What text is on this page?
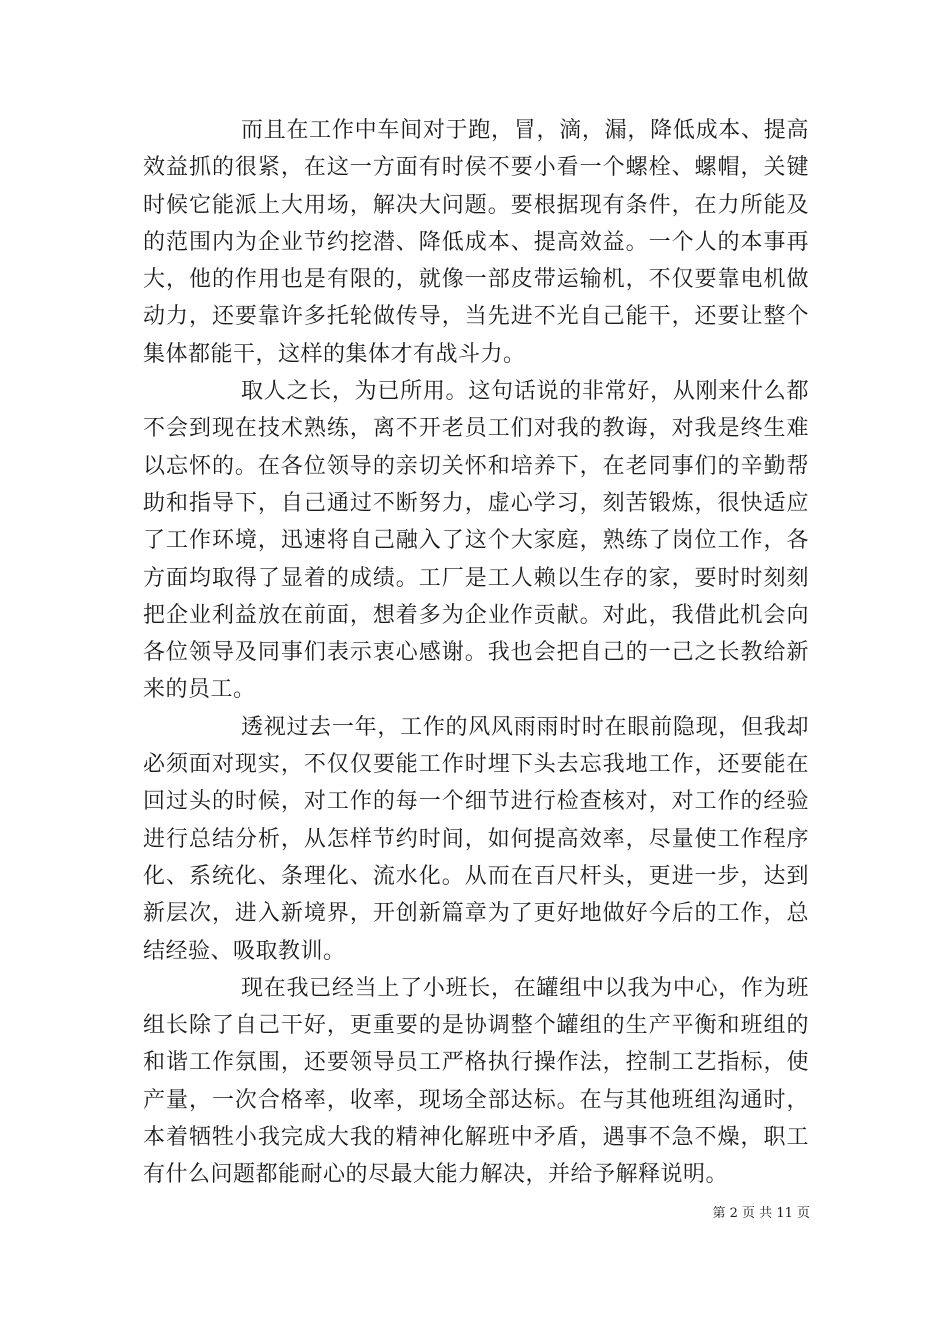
而且在工作中车间对于跑，冒，滴，漏，降低成本、提高效益抓的很紧，在这一方面有时侯不要小看一个螺栓、螺帽，关键时候它能派上大用场，解决大问题。要根据现有条件，在力所能及的范围内为企业节约挖潜、降低成本、提高效益。一个人的本事再大，他的作用也是有限的，就像一部皮带运输机，不仅要靠电机做动力，还要靠许多托轮做传导，当先进不光自己能干，还要让整个集体都能干，这样的集体才有战斗力。

取人之长，为已所用。这句话说的非常好，从刚来什么都不会到现在技术熟练，离不开老员工们对我的教诲，对我是终生难以忘怀的。在各位领导的亲切关怀和培养下，在老同事们的辛勤帮助和指导下，自己通过不断努力，虚心学习，刻苦锻炼，很快适应了工作环境，迅速将自己融入了这个大家庭，熟练了岗位工作，各方面均取得了显着的成绩。工厂是工人赖以生存的家，要时时刻刻把企业利益放在前面，想着多为企业作贡献。对此，我借此机会向各位领导及同事们表示衷心感谢。我也会把自己的一己之长教给新来的员工。

透视过去一年，工作的风风雨雨时时在眼前隐现，但我却必须面对现实，不仅仅要能工作时埋下头去忘我地工作，还要能在回过头的时候，对工作的每一个细节进行检查核对，对工作的经验进行总结分析，从怎样节约时间，如何提高效率，尽量使工作程序化、系统化、条理化、流水化。从而在百尺杆头，更进一步，达到新层次，进入新境界，开创新篇章为了更好地做好今后的工作，总结经验、吸取教训。

现在我已经当上了小班长，在罐组中以我为中心，作为班组长除了自己干好，更重要的是协调整个罐组的生产平衡和班组的和谐工作氛围，还要领导员工严格执行操作法，控制工艺指标，使产量，一次合格率，收率，现场全部达标。在与其他班组沟通时，本着牺牲小我完成大我的精神化解班中矛盾，遇事不急不燥，职工有什么问题都能耐心的尽最大能力解决，并给予解释说明。

第 2 页 共 11 页
